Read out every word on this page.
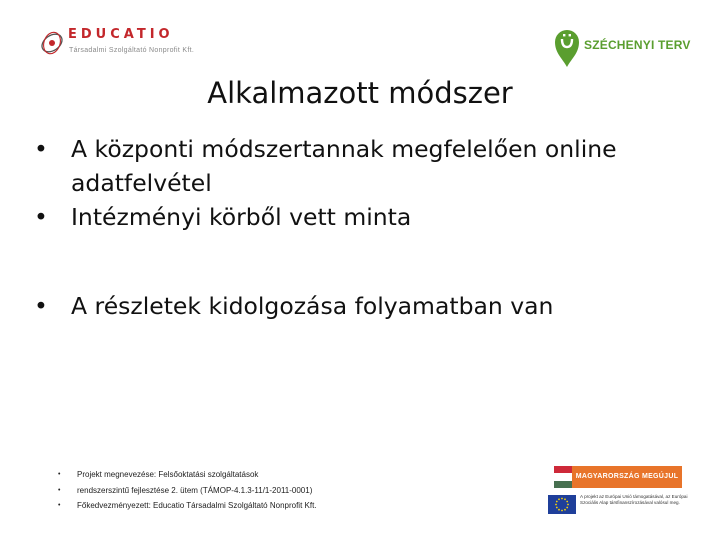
EDUCATIO
Társadalmi Szolgáltató Nonprofit Kft.	SZÉCHENYI TERV
Alkalmazott módszer
• A központi módszertannak megfelelően online adatfelvétel
• Intézményi körből vett minta
• A részletek kidolgozása folyamatban van
• Projekt megnevezése: Felsőoktatási szolgáltatások
• rendszerszintű fejlesztése 2. ütem (TÁMOP-4.1.3-11/1-2011-0001)
• Főkedvezményezett: Educatio Társadalmi Szolgáltató Nonprofit Kft.
MAGYARORSZÁG MEGÚJUL
A projekt az Európai Unió támogatásával, az Európai Szociális Alap társfinanszírozásával valósul meg.
